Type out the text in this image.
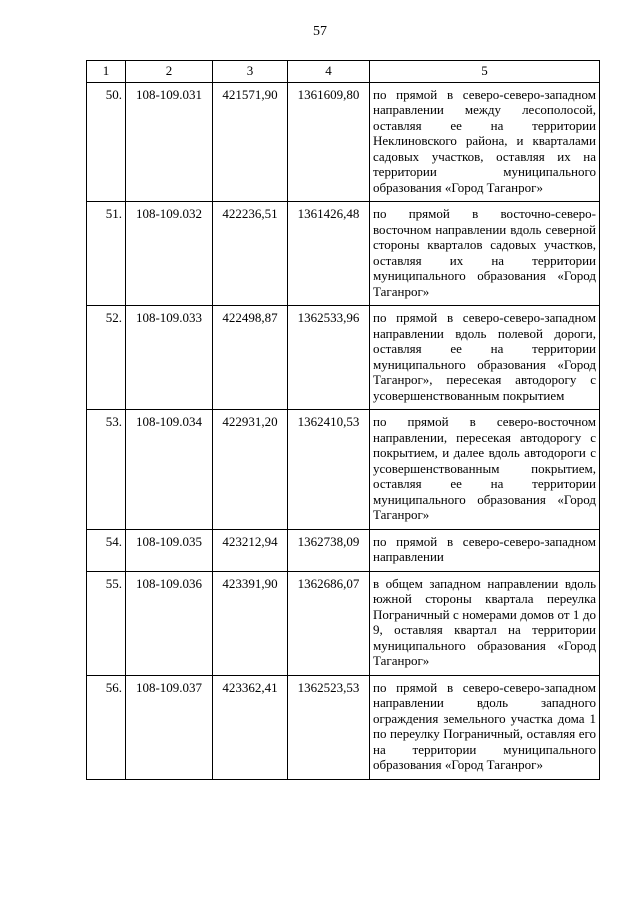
57
1	2	3	4	5
50.	108-109.031	421571,90	1361609,80	по прямой в северо-северо-западном направлении между лесополосой, оставляя ее на территории Неклиновского района, и кварталами садовых участков, оставляя их на территории муниципального образования «Город Таганрог»
51.	108-109.032	422236,51	1361426,48	по прямой в восточно-северо-восточном направлении вдоль северной стороны кварталов садовых участков, оставляя их на территории муниципального образования «Город Таганрог»
52.	108-109.033	422498,87	1362533,96	по прямой в северо-северо-западном направлении вдоль полевой дороги, оставляя ее на территории муниципального образования «Город Таганрог», пересекая автодорогу с усовершенствованным покрытием
53.	108-109.034	422931,20	1362410,53	по прямой в северо-восточном направлении, пересекая автодорогу с покрытием, и далее вдоль автодороги с усовершенствованным покрытием, оставляя ее на территории муниципального образования «Город Таганрог»
54.	108-109.035	423212,94	1362738,09	по прямой в северо-северо-западном направлении
55.	108-109.036	423391,90	1362686,07	в общем западном направлении вдоль южной стороны квартала переулка Пограничный с номерами домов от 1 до 9, оставляя квартал на территории муниципального образования «Город Таганрог»
56.	108-109.037	423362,41	1362523,53	по прямой в северо-северо-западном направлении вдоль западного ограждения земельного участка дома 1 по переулку Пограничный, оставляя его на территории муниципального образования «Город Таганрог»
